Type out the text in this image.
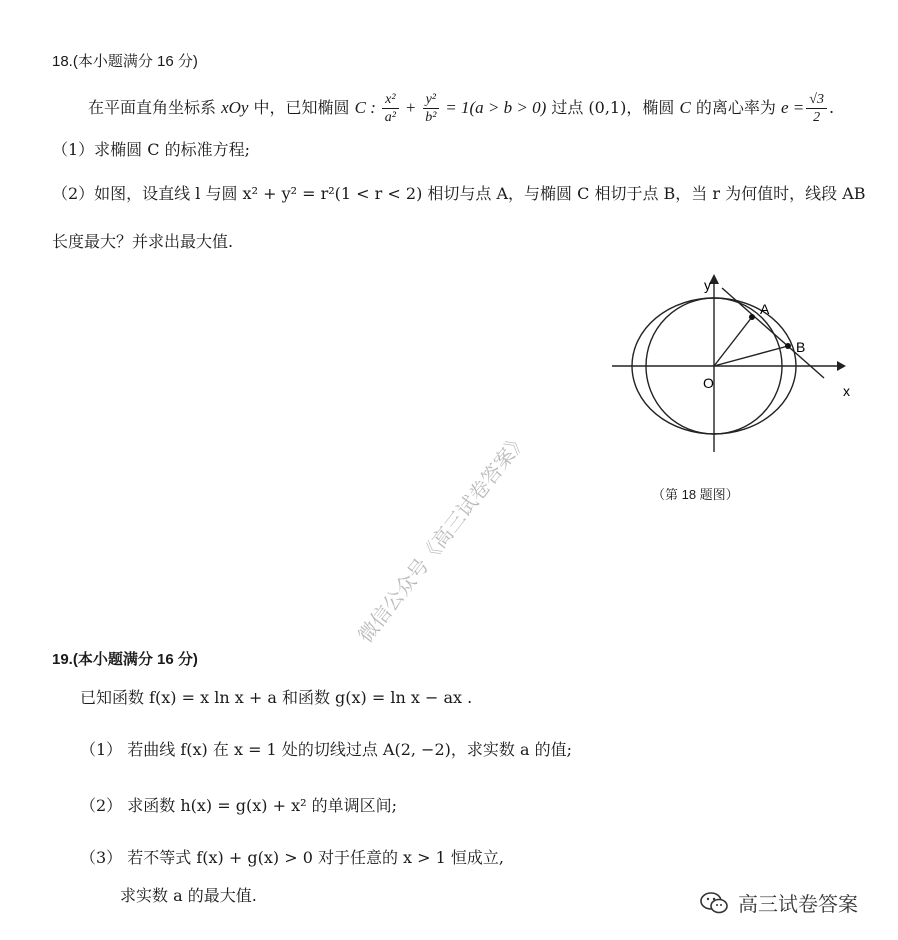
18.(本小题满分 16 分)
在平面直角坐标系 xOy 中，已知椭圆 C : $\frac{\text{x²}}{\text{a²}} + \frac{\text{y²}}{\text{b²}} = 1(a > b > 0)$ 过点 (0,1)，椭圆 C 的离心率为 $e = \frac{√3}{2}$ .
（1）求椭圆 C 的标准方程;
（2）如图，设直线 l 与圆 x² + y² = r²(1 < r < 2) 相切与点 A，与椭圆 C 相切于点 B，当 r 为何值时，线段 AB
长度最大？并求出最大值.
y
A
B
O	x
（第 18 题图）
微信公众号《高三试卷答案》
19.(本小题满分 16 分)
已知函数 f(x) = x ln x + a 和函数 g(x) = ln x − ax .
（1） 若曲线 f(x) 在 x = 1 处的切线过点 A(2, −2)，求实数 a 的值;
（2） 求函数 h(x) = g(x) + x² 的单调区间;
（3） 若不等式 f(x) + g(x) > 0 对于任意的 x > 1 恒成立,
求实数 a 的最大值.	高三试卷答案
